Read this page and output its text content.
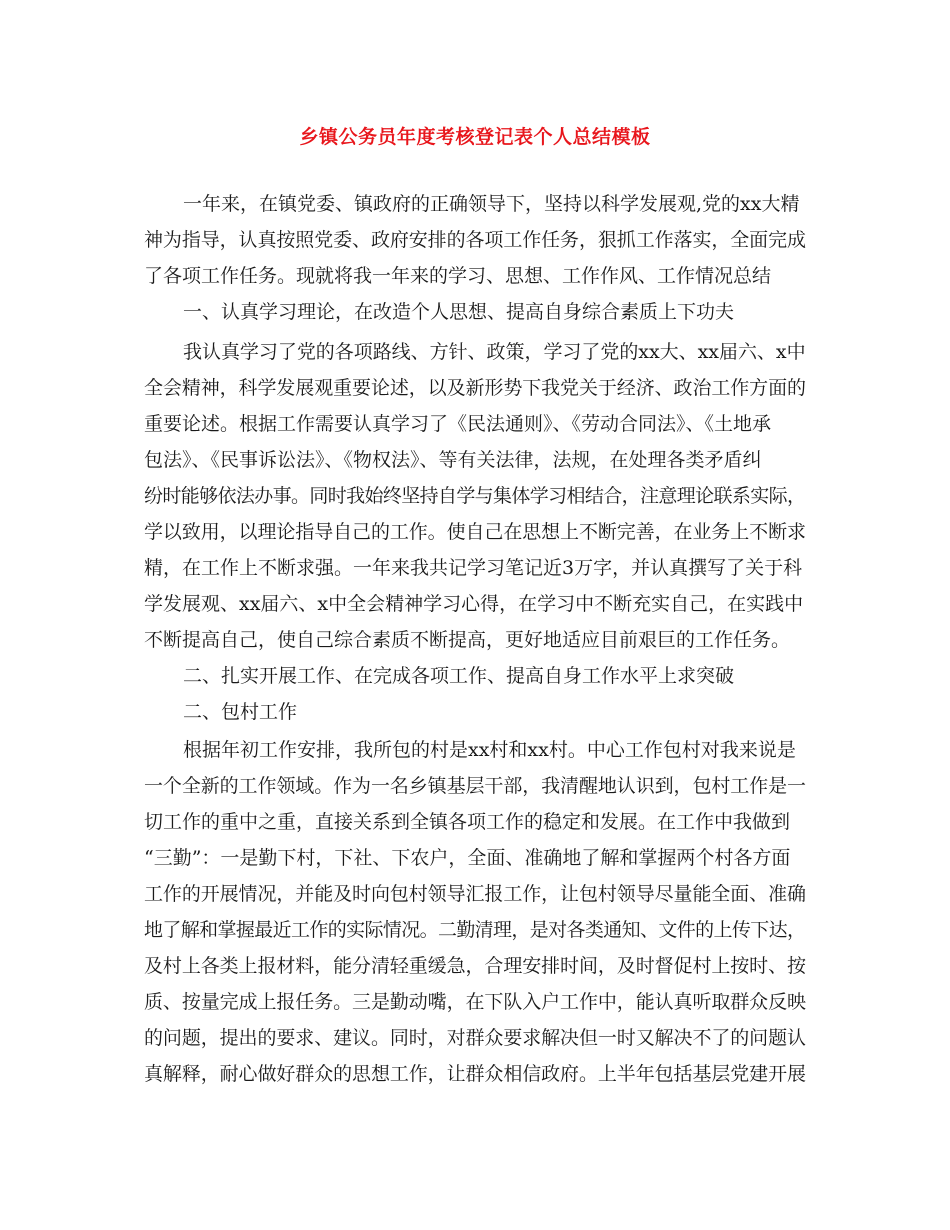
乡镇公务员年度考核登记表个人总结模板
一年来，在镇党委、镇政府的正确领导下，坚持以科学发展观,党的xx大精
神为指导，认真按照党委、政府安排的各项工作任务，狠抓工作落实，全面完成
了各项工作任务。现就将我一年来的学习、思想、工作作风、工作情况总结
一、认真学习理论，在改造个人思想、提高自身综合素质上下功夫
我认真学习了党的各项路线、方针、政策，学习了党的xx大、xx届六、x中
全会精神，科学发展观重要论述，以及新形势下我党关于经济、政治工作方面的
重要论述。根据工作需要认真学习了《民法通则》、《劳动合同法》、《土地承
包法》、《民事诉讼法》、《物权法》、等有关法律，法规，在处理各类矛盾纠
纷时能够依法办事。同时我始终坚持自学与集体学习相结合，注意理论联系实际，
学以致用，以理论指导自己的工作。使自己在思想上不断完善，在业务上不断求
精，在工作上不断求强。一年来我共记学习笔记近3万字，并认真撰写了关于科
学发展观、xx届六、x中全会精神学习心得，在学习中不断充实自己，在实践中
不断提高自己，使自己综合素质不断提高，更好地适应目前艰巨的工作任务。
二、扎实开展工作、在完成各项工作、提高自身工作水平上求突破
二、包村工作
根据年初工作安排，我所包的村是xx村和xx村。中心工作包村对我来说是
一个全新的工作领域。作为一名乡镇基层干部，我清醒地认识到，包村工作是一
切工作的重中之重，直接关系到全镇各项工作的稳定和发展。在工作中我做到
“三勤”：一是勤下村，下社、下农户，全面、准确地了解和掌握两个村各方面
工作的开展情况，并能及时向包村领导汇报工作，让包村领导尽量能全面、准确
地了解和掌握最近工作的实际情况。二勤清理，是对各类通知、文件的上传下达，
及村上各类上报材料，能分清轻重缓急，合理安排时间，及时督促村上按时、按
质、按量完成上报任务。三是勤动嘴，在下队入户工作中，能认真听取群众反映
的问题，提出的要求、建议。同时，对群众要求解决但一时又解决不了的问题认
真解释，耐心做好群众的思想工作，让群众相信政府。上半年包括基层党建开展
